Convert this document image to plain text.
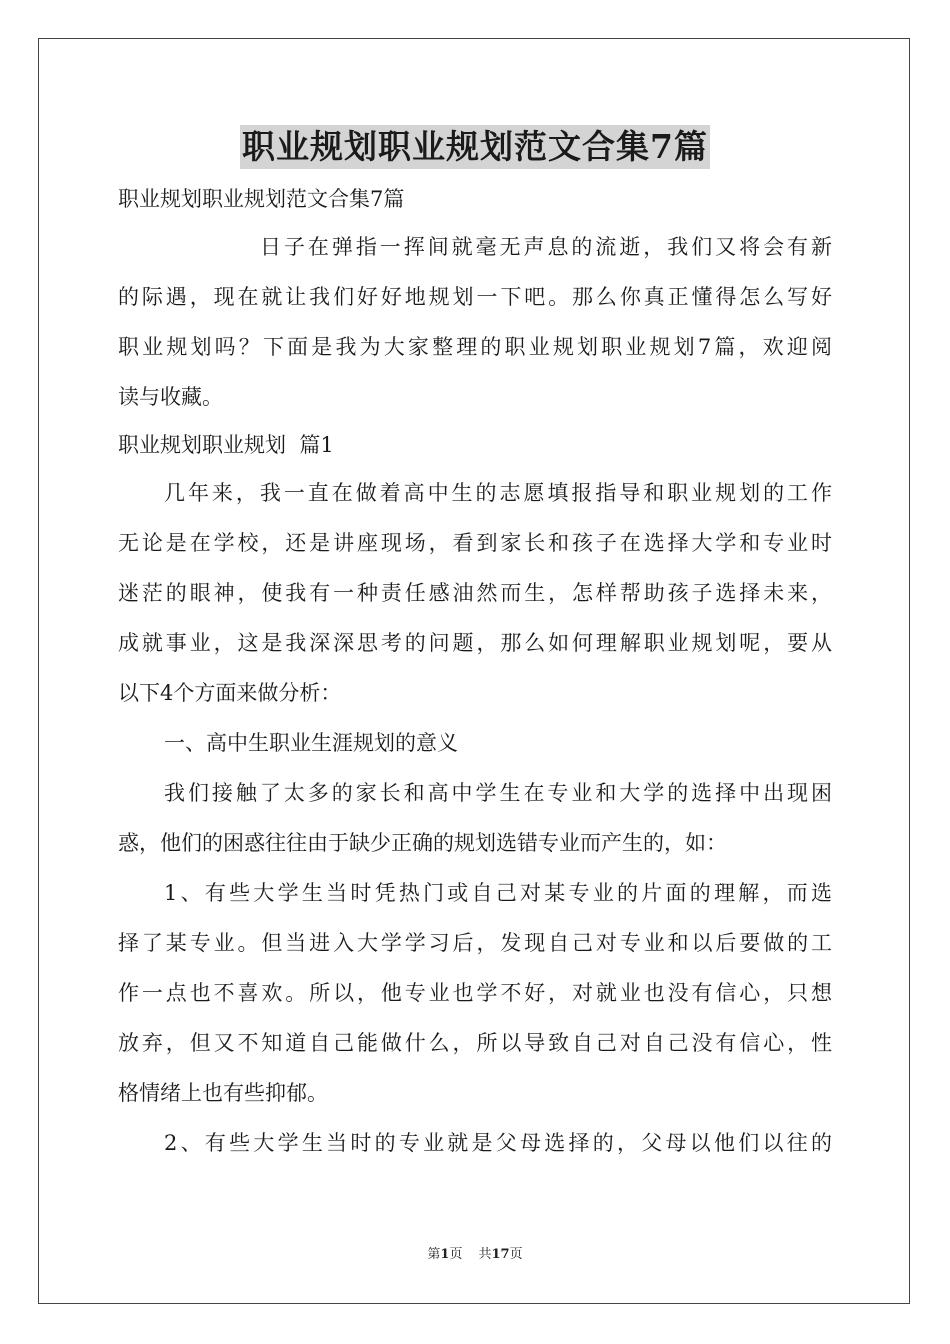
职业规划职业规划范文合集7篇
职业规划职业规划范文合集7篇
日子在弹指一挥间就毫无声息的流逝，我们又将会有新
的际遇，现在就让我们好好地规划一下吧。那么你真正懂得怎么写好
职业规划吗？下面是我为大家整理的职业规划职业规划7篇，欢迎阅
读与收藏。
职业规划职业规划  篇1
几年来，我一直在做着高中生的志愿填报指导和职业规划的工作
无论是在学校，还是讲座现场，看到家长和孩子在选择大学和专业时
迷茫的眼神，使我有一种责任感油然而生，怎样帮助孩子选择未来，
成就事业，这是我深深思考的问题，那么如何理解职业规划呢，要从
以下4个方面来做分析：
一、高中生职业生涯规划的意义
我们接触了太多的家长和高中学生在专业和大学的选择中出现困
惑，他们的困惑往往由于缺少正确的规划选错专业而产生的，如：
1、有些大学生当时凭热门或自己对某专业的片面的理解，而选
择了某专业。但当进入大学学习后，发现自己对专业和以后要做的工
作一点也不喜欢。所以，他专业也学不好，对就业也没有信心，只想
放弃，但又不知道自己能做什么，所以导致自己对自己没有信心，性
格情绪上也有些抑郁。
2、有些大学生当时的专业就是父母选择的，父母以他们以往的
第1页 共17页
